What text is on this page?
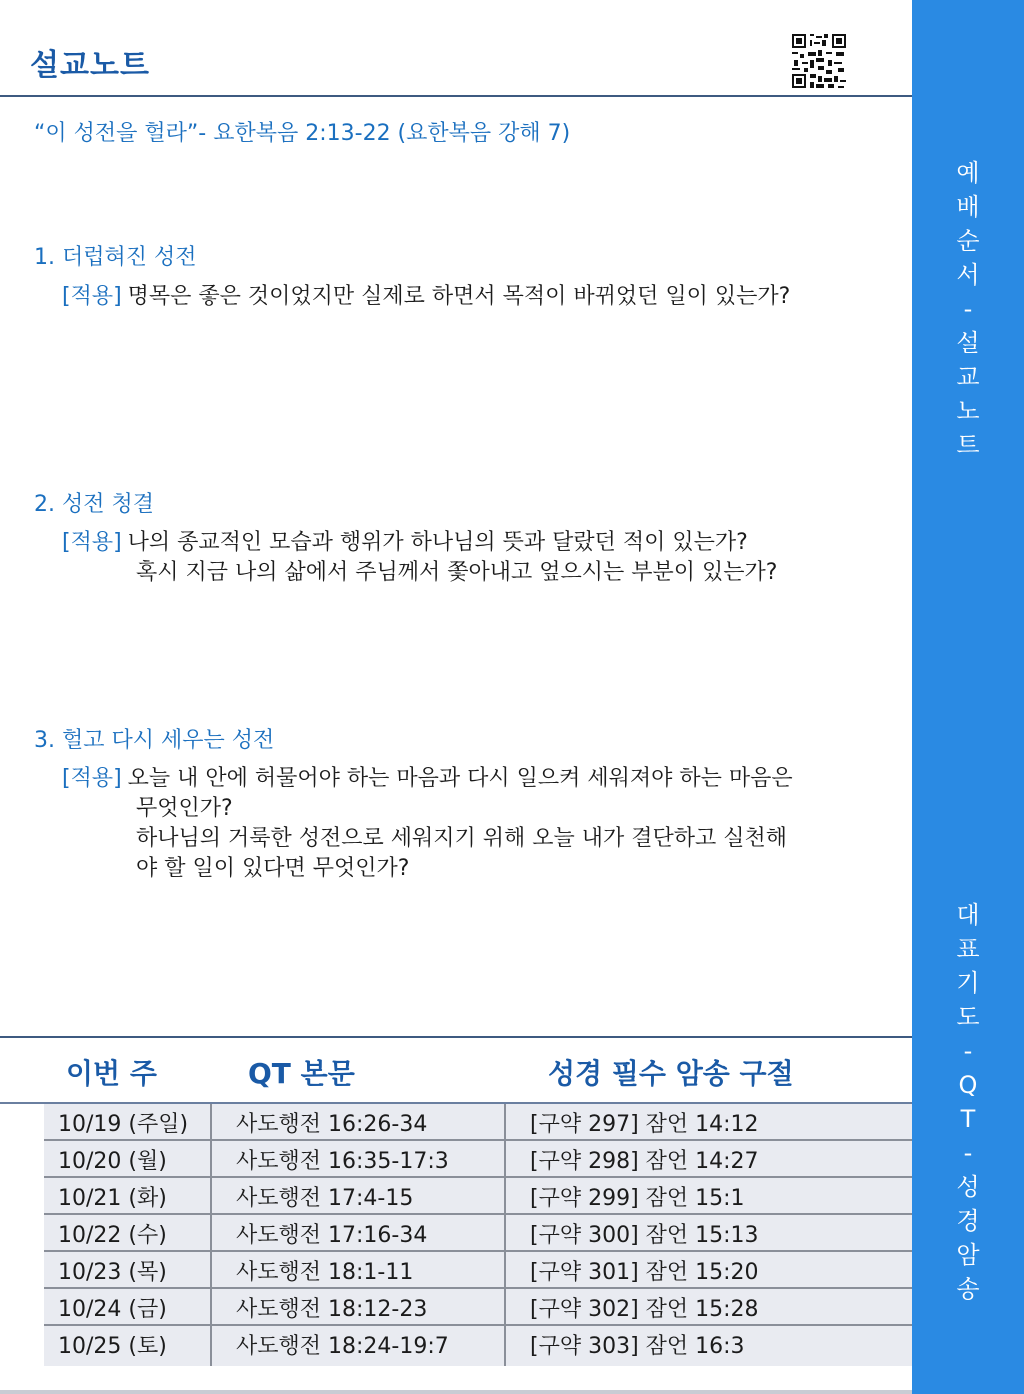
설교노트
“이 성전을 헐라”- 요한복음 2:13-22 (요한복음 강해 7)
1. 더럽혀진 성전
[적용] 명목은 좋은 것이었지만 실제로 하면서 목적이 바뀌었던 일이 있는가?
2. 성전 청결
[적용] 나의 종교적인 모습과 행위가 하나님의 뜻과 달랐던 적이 있는가?
혹시 지금 나의 삶에서 주님께서 쫓아내고 엎으시는 부분이 있는가?
3. 헐고 다시 세우는 성전
[적용] 오늘 내 안에 허물어야 하는 마음과 다시 일으켜 세워져야 하는 마음은
무엇인가?
하나님의 거룩한 성전으로 세워지기 위해 오늘 내가 결단하고 실천해
야 할 일이 있다면 무엇인가?
예
배
순
서
-
설
교
노
트
대
표
기
도
-
Q
T
-
성
경
암
송
이번 주	QT 본문	성경 필수 암송 구절
10/19 (주일) 사도행전 16:26-34	[구약 297] 잠언 14:12
10/20 (월)	사도행전 16:35-17:3	[구약 298] 잠언 14:27
10/21 (화)	사도행전 17:4-15	[구약 299] 잠언 15:1
10/22 (수)	사도행전 17:16-34	[구약 300] 잠언 15:13
10/23 (목)	사도행전 18:1-11	[구약 301] 잠언 15:20
10/24 (금)	사도행전 18:12-23	[구약 302] 잠언 15:28
10/25 (토)	사도행전 18:24-19:7	[구약 303] 잠언 16:3
